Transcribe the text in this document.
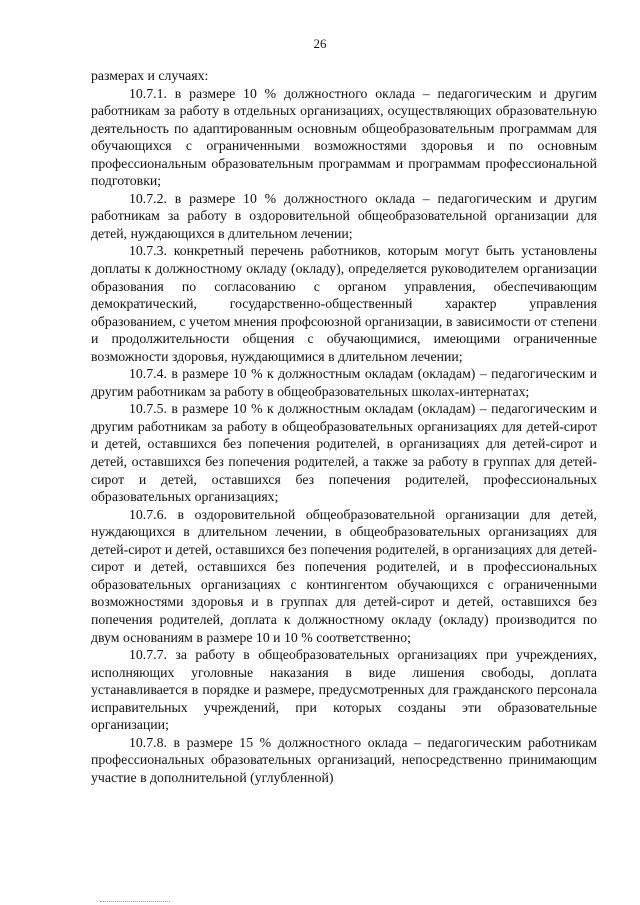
26

размерах и случаях:

10.7.1. в размере 10 % должностного оклада – педагогическим и другим работникам за работу в отдельных организациях, осуществляющих образовательную деятельность по адаптированным основным общеобразовательным программам для обучающихся с ограниченными возможностями здоровья и по основным профессиональным образовательным программам и программам профессиональной подготовки;

10.7.2. в размере 10 % должностного оклада – педагогическим и другим работникам за работу в оздоровительной общеобразовательной организации для детей, нуждающихся в длительном лечении;

10.7.3. конкретный перечень работников, которым могут быть установлены доплаты к должностному окладу (окладу), определяется руководителем организации образования по согласованию с органом управления, обеспечивающим демократический, государственно-общественный характер управления образованием, с учетом мнения профсоюзной организации, в зависимости от степени и продолжительности общения с обучающимися, имеющими ограниченные возможности здоровья, нуждающимися в длительном лечении;

10.7.4. в размере 10 % к должностным окладам (окладам) – педагогическим и другим работникам за работу в общеобразовательных школах-интернатах;

10.7.5. в размере 10 % к должностным окладам (окладам) – педагогическим и другим работникам за работу в общеобразовательных организациях для детей-сирот и детей, оставшихся без попечения родителей, в организациях для детей-сирот и детей, оставшихся без попечения родителей, а также за работу в группах для детей-сирот и детей, оставшихся без попечения родителей, профессиональных образовательных организациях;

10.7.6. в оздоровительной общеобразовательной организации для детей, нуждающихся в длительном лечении, в общеобразовательных организациях для детей-сирот и детей, оставшихся без попечения родителей, в организациях для детей-сирот и детей, оставшихся без попечения родителей, и в профессиональных образовательных организациях с контингентом обучающихся с ограниченными возможностями здоровья и в группах для детей-сирот и детей, оставшихся без попечения родителей, доплата к должностному окладу (окладу) производится по двум основаниям в размере 10 и 10 % соответственно;

10.7.7. за работу в общеобразовательных организациях при учреждениях, исполняющих уголовные наказания в виде лишения свободы, доплата устанавливается в порядке и размере, предусмотренных для гражданского персонала исправительных учреждений, при которых созданы эти образовательные организации;

10.7.8. в размере 15 % должностного оклада – педагогическим работникам профессиональных образовательных организаций, непосредственно принимающим участие в дополнительной (углубленной)
